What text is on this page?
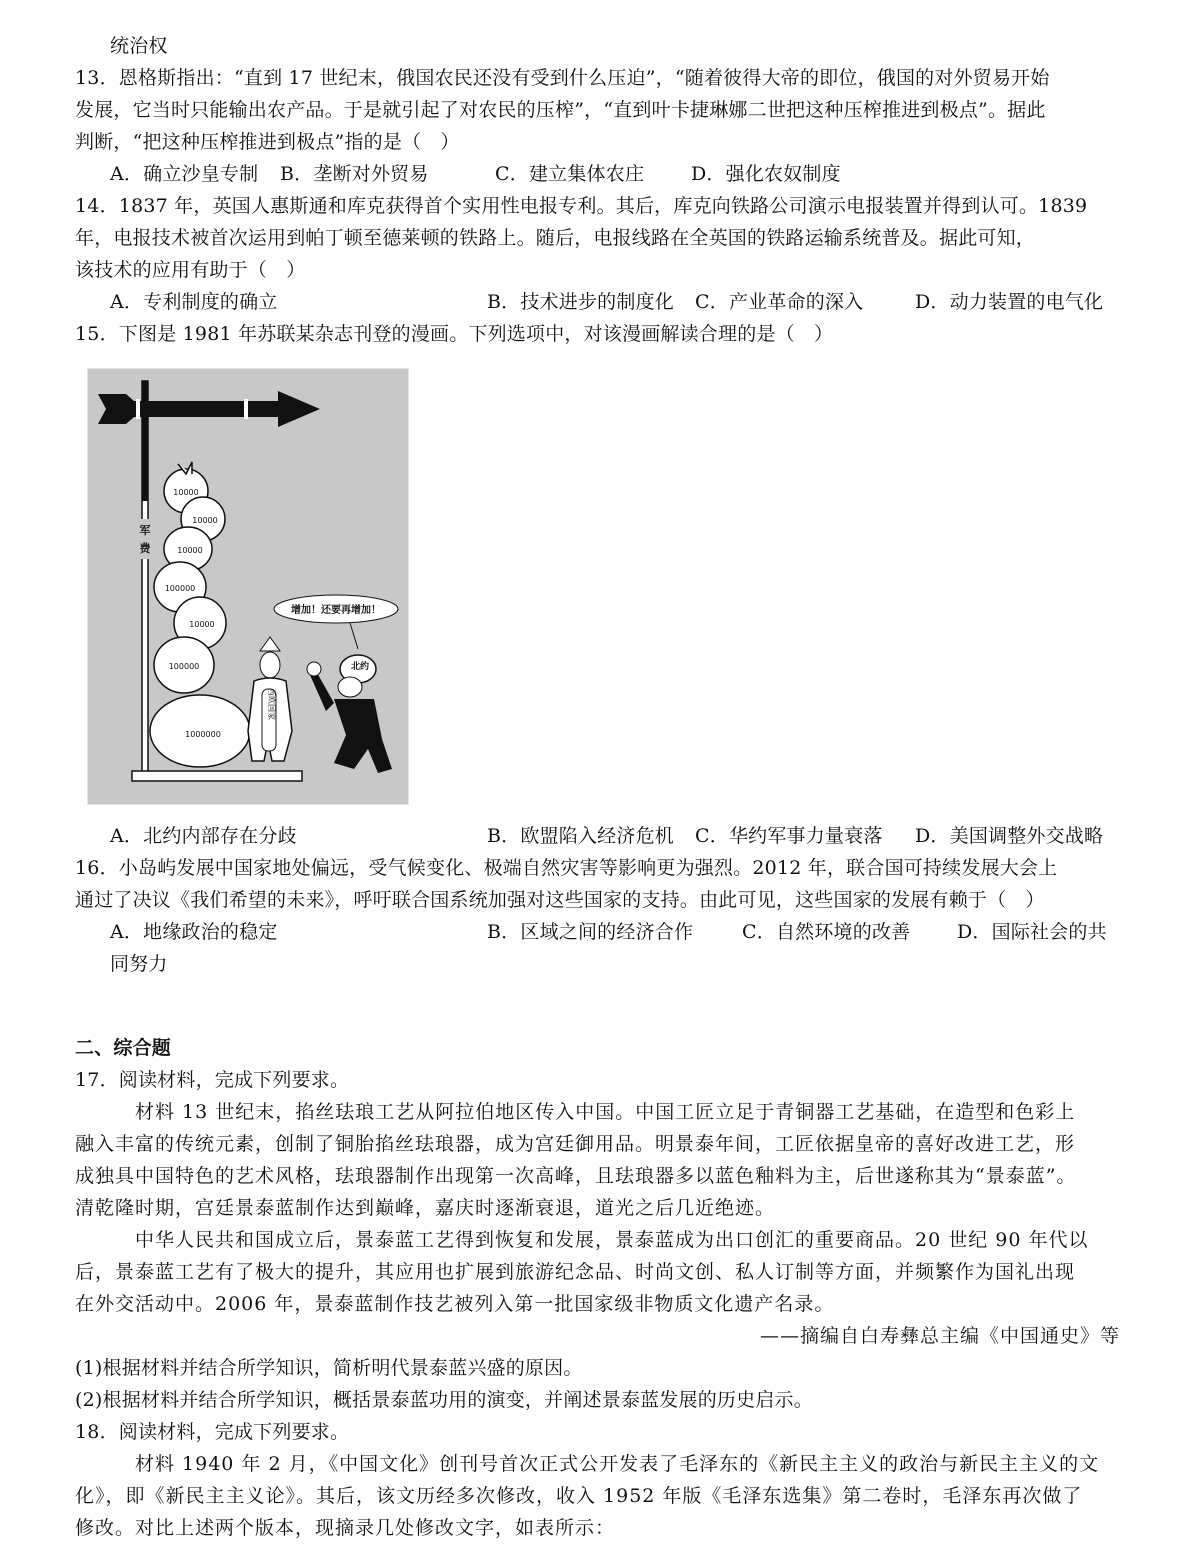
统治权
13．恩格斯指出：“直到 17 世纪末，俄国农民还没有受到什么压迫”，“随着彼得大帝的即位，俄国的对外贸易开始
发展，它当时只能输出农产品。于是就引起了对农民的压榨”，“直到叶卡捷琳娜二世把这种压榨推进到极点”。据此
判断，“把这种压榨推进到极点”指的是（　）
A．确立沙皇专制	B．垄断对外贸易	C．建立集体农庄	D．强化农奴制度
14．1837 年，英国人惠斯通和库克获得首个实用性电报专利。其后，库克向铁路公司演示电报装置并得到认可。1839
年，电报技术被首次运用到帕丁顿至德莱顿的铁路上。随后，电报线路在全英国的铁路运输系统普及。据此可知，
该技术的应用有助于（　）
A．专利制度的确立	B．技术进步的制度化	C．产业革命的深入	D．动力装置的电气化
15．下图是 1981 年苏联某杂志刊登的漫画。下列选项中，对该漫画解读合理的是（　）
军
费
10000
10000
10000
100000
10000
100000
1000000
增加！还要再增加！
西欧国家
北约
A．北约内部存在分歧	B．欧盟陷入经济危机	C．华约军事力量衰落	D．美国调整外交战略
16．小岛屿发展中国家地处偏远，受气候变化、极端自然灾害等影响更为强烈。2012 年，联合国可持续发展大会上
通过了决议《我们希望的未来》，呼吁联合国系统加强对这些国家的支持。由此可见，这些国家的发展有赖于（　）
A．地缘政治的稳定	B．区域之间的经济合作	C．自然环境的改善	D．国际社会的共
同努力
二、综合题
17．阅读材料，完成下列要求。
材料 13 世纪末，掐丝珐琅工艺从阿拉伯地区传入中国。中国工匠立足于青铜器工艺基础，在造型和色彩上
融入丰富的传统元素，创制了铜胎掐丝珐琅器，成为宫廷御用品。明景泰年间，工匠依据皇帝的喜好改进工艺，形
成独具中国特色的艺术风格，珐琅器制作出现第一次高峰，且珐琅器多以蓝色釉料为主，后世遂称其为“景泰蓝”。
清乾隆时期，宫廷景泰蓝制作达到巅峰，嘉庆时逐渐衰退，道光之后几近绝迹。
中华人民共和国成立后，景泰蓝工艺得到恢复和发展，景泰蓝成为出口创汇的重要商品。20 世纪 90 年代以
后，景泰蓝工艺有了极大的提升，其应用也扩展到旅游纪念品、时尚文创、私人订制等方面，并频繁作为国礼出现
在外交活动中。2006 年，景泰蓝制作技艺被列入第一批国家级非物质文化遗产名录。
——摘编自白寿彝总主编《中国通史》等
(1)根据材料并结合所学知识，简析明代景泰蓝兴盛的原因。
(2)根据材料并结合所学知识，概括景泰蓝功用的演变，并阐述景泰蓝发展的历史启示。
18．阅读材料，完成下列要求。
材料 1940 年 2 月，《中国文化》创刊号首次正式公开发表了毛泽东的《新民主主义的政治与新民主主义的文
化》，即《新民主主义论》。其后，该文历经多次修改，收入 1952 年版《毛泽东选集》第二卷时，毛泽东再次做了
修改。对比上述两个版本，现摘录几处修改文字，如表所示：
